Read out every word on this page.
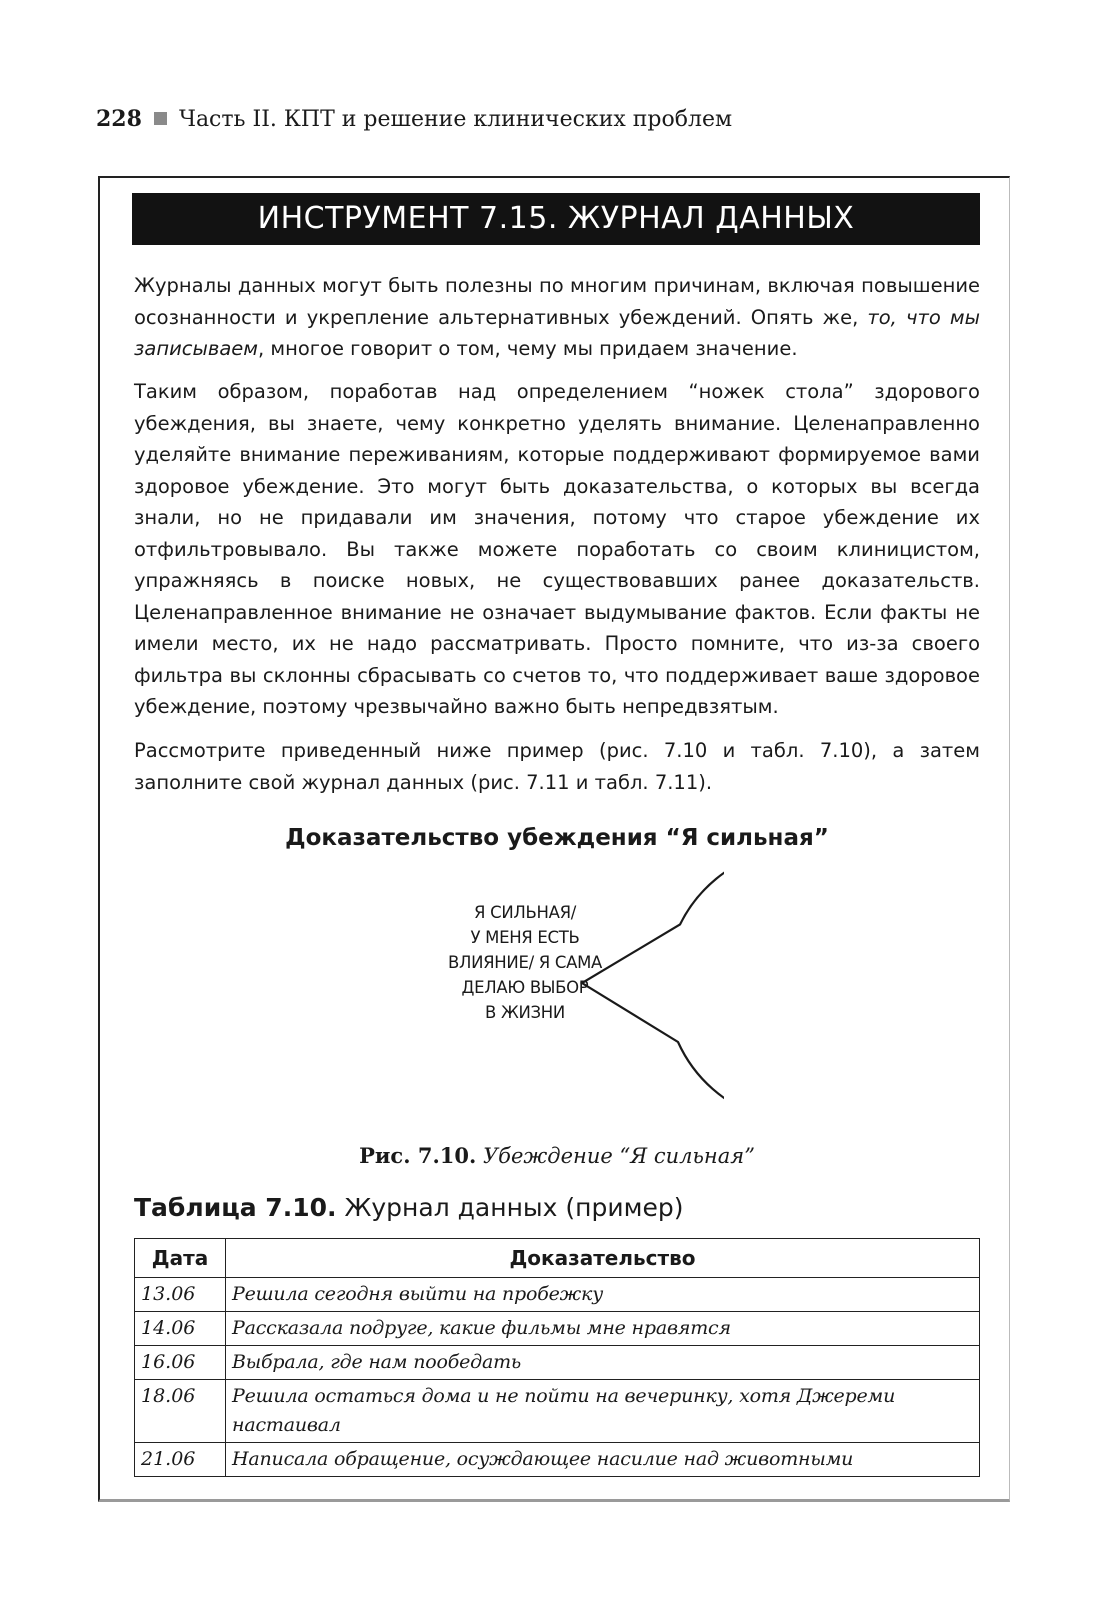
228 Часть II. КПТ и решение клинических проблем
ИНСТРУМЕНТ 7.15. ЖУРНАЛ ДАННЫХ

Журналы данных могут быть полезны по многим причинам, включая повышение осознанности и укрепление альтернативных убеждений. Опять же, то, что мы записываем, многое говорит о том, чему мы придаем значение.

Таким образом, поработав над определением “ножек стола” здорового убеждения, вы знаете, чему конкретно уделять внимание. Целенаправленно уделяйте внимание переживаниям, которые поддерживают формируемое вами здоровое убеждение. Это могут быть доказательства, о которых вы всегда знали, но не придавали им значения, потому что старое убеждение их отфильтровывало. Вы также можете поработать со своим клиницистом, упражняясь в поиске новых, не существовавших ранее доказательств. Целенаправленное внимание не означает выдумывание фактов. Если факты не имели место, их не надо рассматривать. Просто помните, что из-за своего фильтра вы склонны сбрасывать со счетов то, что поддерживает ваше здоровое убеждение, поэтому чрезвычайно важно быть непредвзятым.

Рассмотрите приведенный ниже пример (рис. 7.10 и табл. 7.10), а затем заполните свой журнал данных (рис. 7.11 и табл. 7.11).

Доказательство убеждения “Я сильная”
Я СИЛЬНАЯ/
У МЕНЯ ЕСТЬ
ВЛИЯНИЕ/ Я САМА
ДЕЛАЮ ВЫБОР
В ЖИЗНИ
Рис. 7.10. Убеждение “Я сильная”
Таблица 7.10. Журнал данных (пример)
Дата	Доказательство
13.06	Решила сегодня выйти на пробежку
14.06	Рассказала подруге, какие фильмы мне нравятся
16.06	Выбрала, где нам пообедать
18.06	Решила остаться дома и не пойти на вечеринку, хотя Джереми настаивал
21.06	Написала обращение, осуждающее насилие над животными
